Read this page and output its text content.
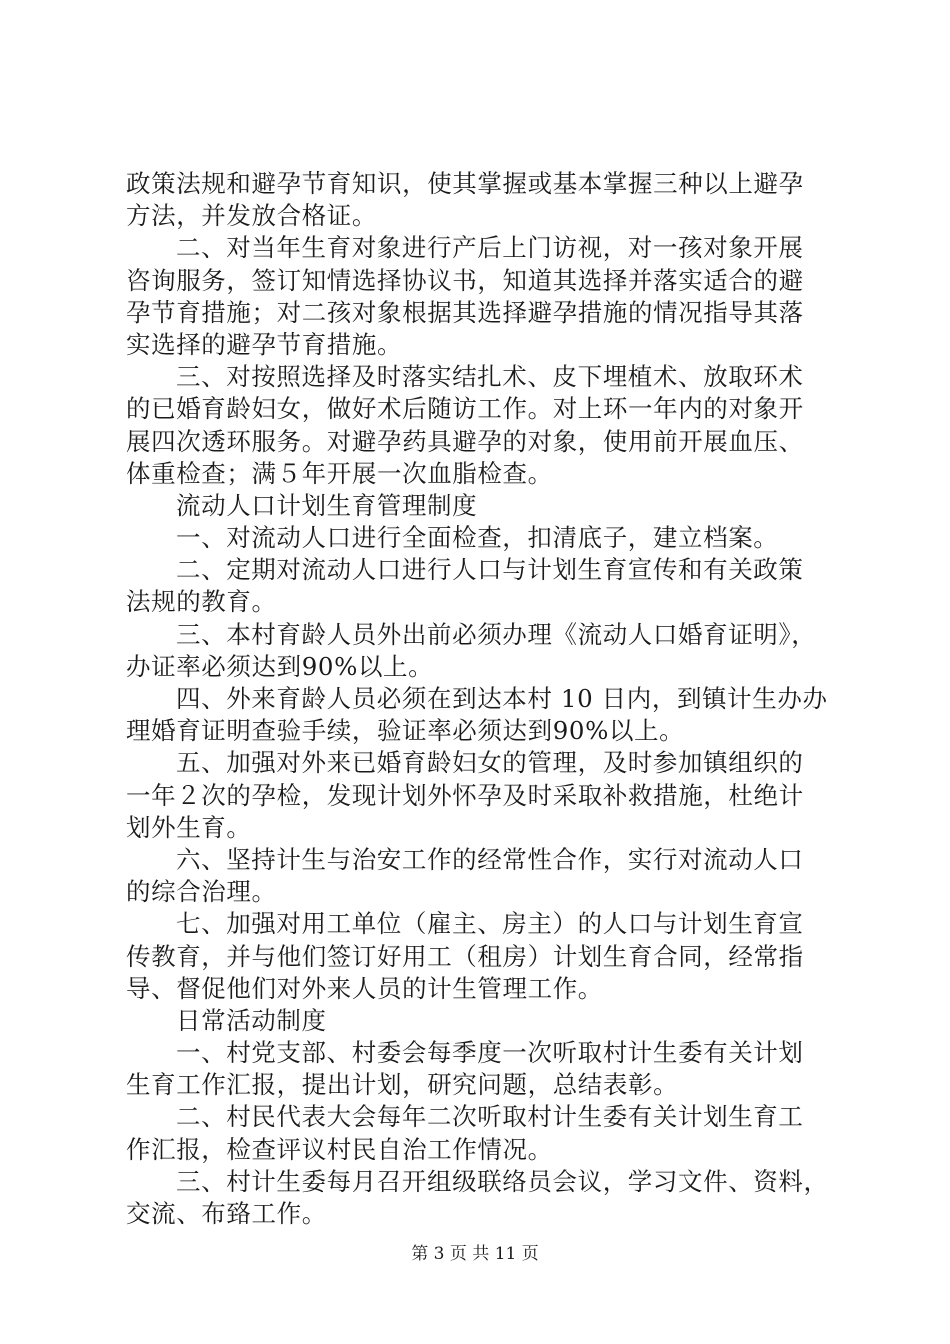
政策法规和避孕节育知识，使其掌握或基本掌握三种以上避孕
方法，并发放合格证。
二、对当年生育对象进行产后上门访视，对一孩对象开展
咨询服务，签订知情选择协议书，知道其选择并落实适合的避
孕节育措施；对二孩对象根据其选择避孕措施的情况指导其落
实选择的避孕节育措施。
三、对按照选择及时落实结扎术、皮下埋植术、放取环术
的已婚育龄妇女，做好术后随访工作。对上环一年内的对象开
展四次透环服务。对避孕药具避孕的对象，使用前开展血压、
体重检查；满５年开展一次血脂检查。
流动人口计划生育管理制度
一、对流动人口进行全面检查，扣清底子，建立档案。
二、定期对流动人口进行人口与计划生育宣传和有关政策
法规的教育。
三、本村育龄人员外出前必须办理《流动人口婚育证明》，
办证率必须达到90%以上。
四、外来育龄人员必须在到达本村 10 日内，到镇计生办办
理婚育证明查验手续，验证率必须达到90%以上。
五、加强对外来已婚育龄妇女的管理，及时参加镇组织的
一年２次的孕检，发现计划外怀孕及时采取补救措施，杜绝计
划外生育。
六、坚持计生与治安工作的经常性合作，实行对流动人口
的综合治理。
七、加强对用工单位（雇主、房主）的人口与计划生育宣
传教育，并与他们签订好用工（租房）计划生育合同，经常指
导、督促他们对外来人员的计生管理工作。
日常活动制度
一、村党支部、村委会每季度一次听取村计生委有关计划
生育工作汇报，提出计划，研究问题，总结表彰。
二、村民代表大会每年二次听取村计生委有关计划生育工
作汇报，检查评议村民自治工作情况。
三、村计生委每月召开组级联络员会议，学习文件、资料，
交流、布臵工作。
第 3 页 共 11 页
